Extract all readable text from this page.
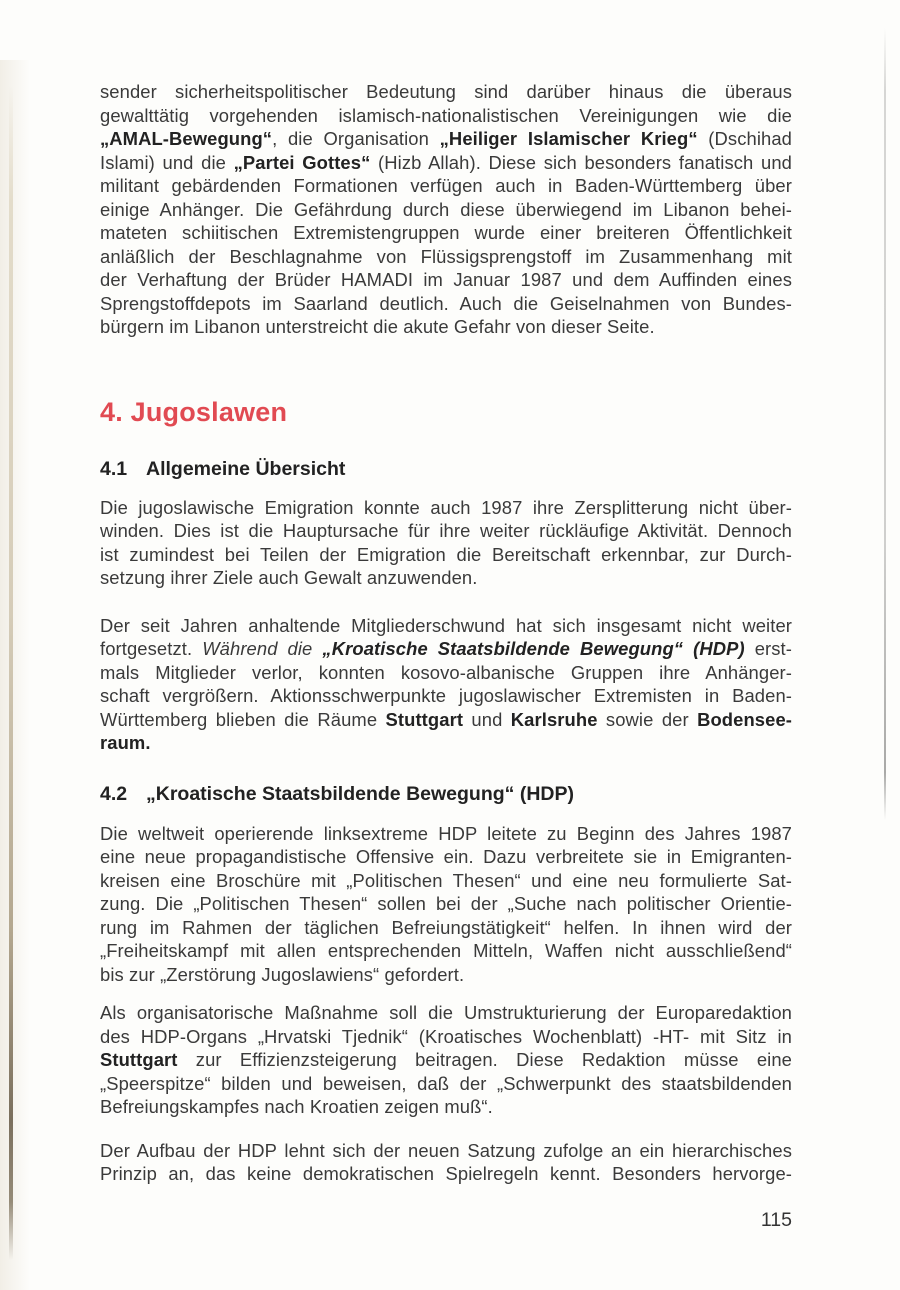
sender sicherheitspolitischer Bedeutung sind darüber hinaus die überaus
gewalttätig vorgehenden islamisch-nationalistischen Vereinigungen wie die
„AMAL-Bewegung“, die Organisation „Heiliger Islamischer Krieg“ (Dschihad
Islami) und die „Partei Gottes“ (Hizb Allah). Diese sich besonders fanatisch und
militant gebärdenden Formationen verfügen auch in Baden-Württemberg über
einige Anhänger. Die Gefährdung durch diese überwiegend im Libanon behei-
mateten schiitischen Extremistengruppen wurde einer breiteren Öffentlichkeit
anläßlich der Beschlagnahme von Flüssigsprengstoff im Zusammenhang mit
der Verhaftung der Brüder HAMADI im Januar 1987 und dem Auffinden eines
Sprengstoffdepots im Saarland deutlich. Auch die Geiselnahmen von Bundes-
bürgern im Libanon unterstreicht die akute Gefahr von dieser Seite.
4. Jugoslawen
4.1 Allgemeine Übersicht
Die jugoslawische Emigration konnte auch 1987 ihre Zersplitterung nicht über-
winden. Dies ist die Hauptursache für ihre weiter rückläufige Aktivität. Dennoch
ist zumindest bei Teilen der Emigration die Bereitschaft erkennbar, zur Durch-
setzung ihrer Ziele auch Gewalt anzuwenden.
Der seit Jahren anhaltende Mitgliederschwund hat sich insgesamt nicht weiter
fortgesetzt. Während die „Kroatische Staatsbildende Bewegung“ (HDP) erst-
mals Mitglieder verlor, konnten kosovo-albanische Gruppen ihre Anhänger-
schaft vergrößern. Aktionsschwerpunkte jugoslawischer Extremisten in Baden-
Württemberg blieben die Räume Stuttgart und Karlsruhe sowie der Bodensee-
raum.
4.2 „Kroatische Staatsbildende Bewegung“ (HDP)
Die weltweit operierende linksextreme HDP leitete zu Beginn des Jahres 1987
eine neue propagandistische Offensive ein. Dazu verbreitete sie in Emigranten-
kreisen eine Broschüre mit „Politischen Thesen“ und eine neu formulierte Sat-
zung. Die „Politischen Thesen“ sollen bei der „Suche nach politischer Orientie-
rung im Rahmen der täglichen Befreiungstätigkeit“ helfen. In ihnen wird der
„Freiheitskampf mit allen entsprechenden Mitteln, Waffen nicht ausschließend“
bis zur „Zerstörung Jugoslawiens“ gefordert.
Als organisatorische Maßnahme soll die Umstrukturierung der Europaredaktion
des HDP-Organs „Hrvatski Tjednik“ (Kroatisches Wochenblatt) -HT- mit Sitz in
Stuttgart zur Effizienzsteigerung beitragen. Diese Redaktion müsse eine
„Speerspitze“ bilden und beweisen, daß der „Schwerpunkt des staatsbildenden
Befreiungskampfes nach Kroatien zeigen muß“.
Der Aufbau der HDP lehnt sich der neuen Satzung zufolge an ein hierarchisches
Prinzip an, das keine demokratischen Spielregeln kennt. Besonders hervorge-
115
